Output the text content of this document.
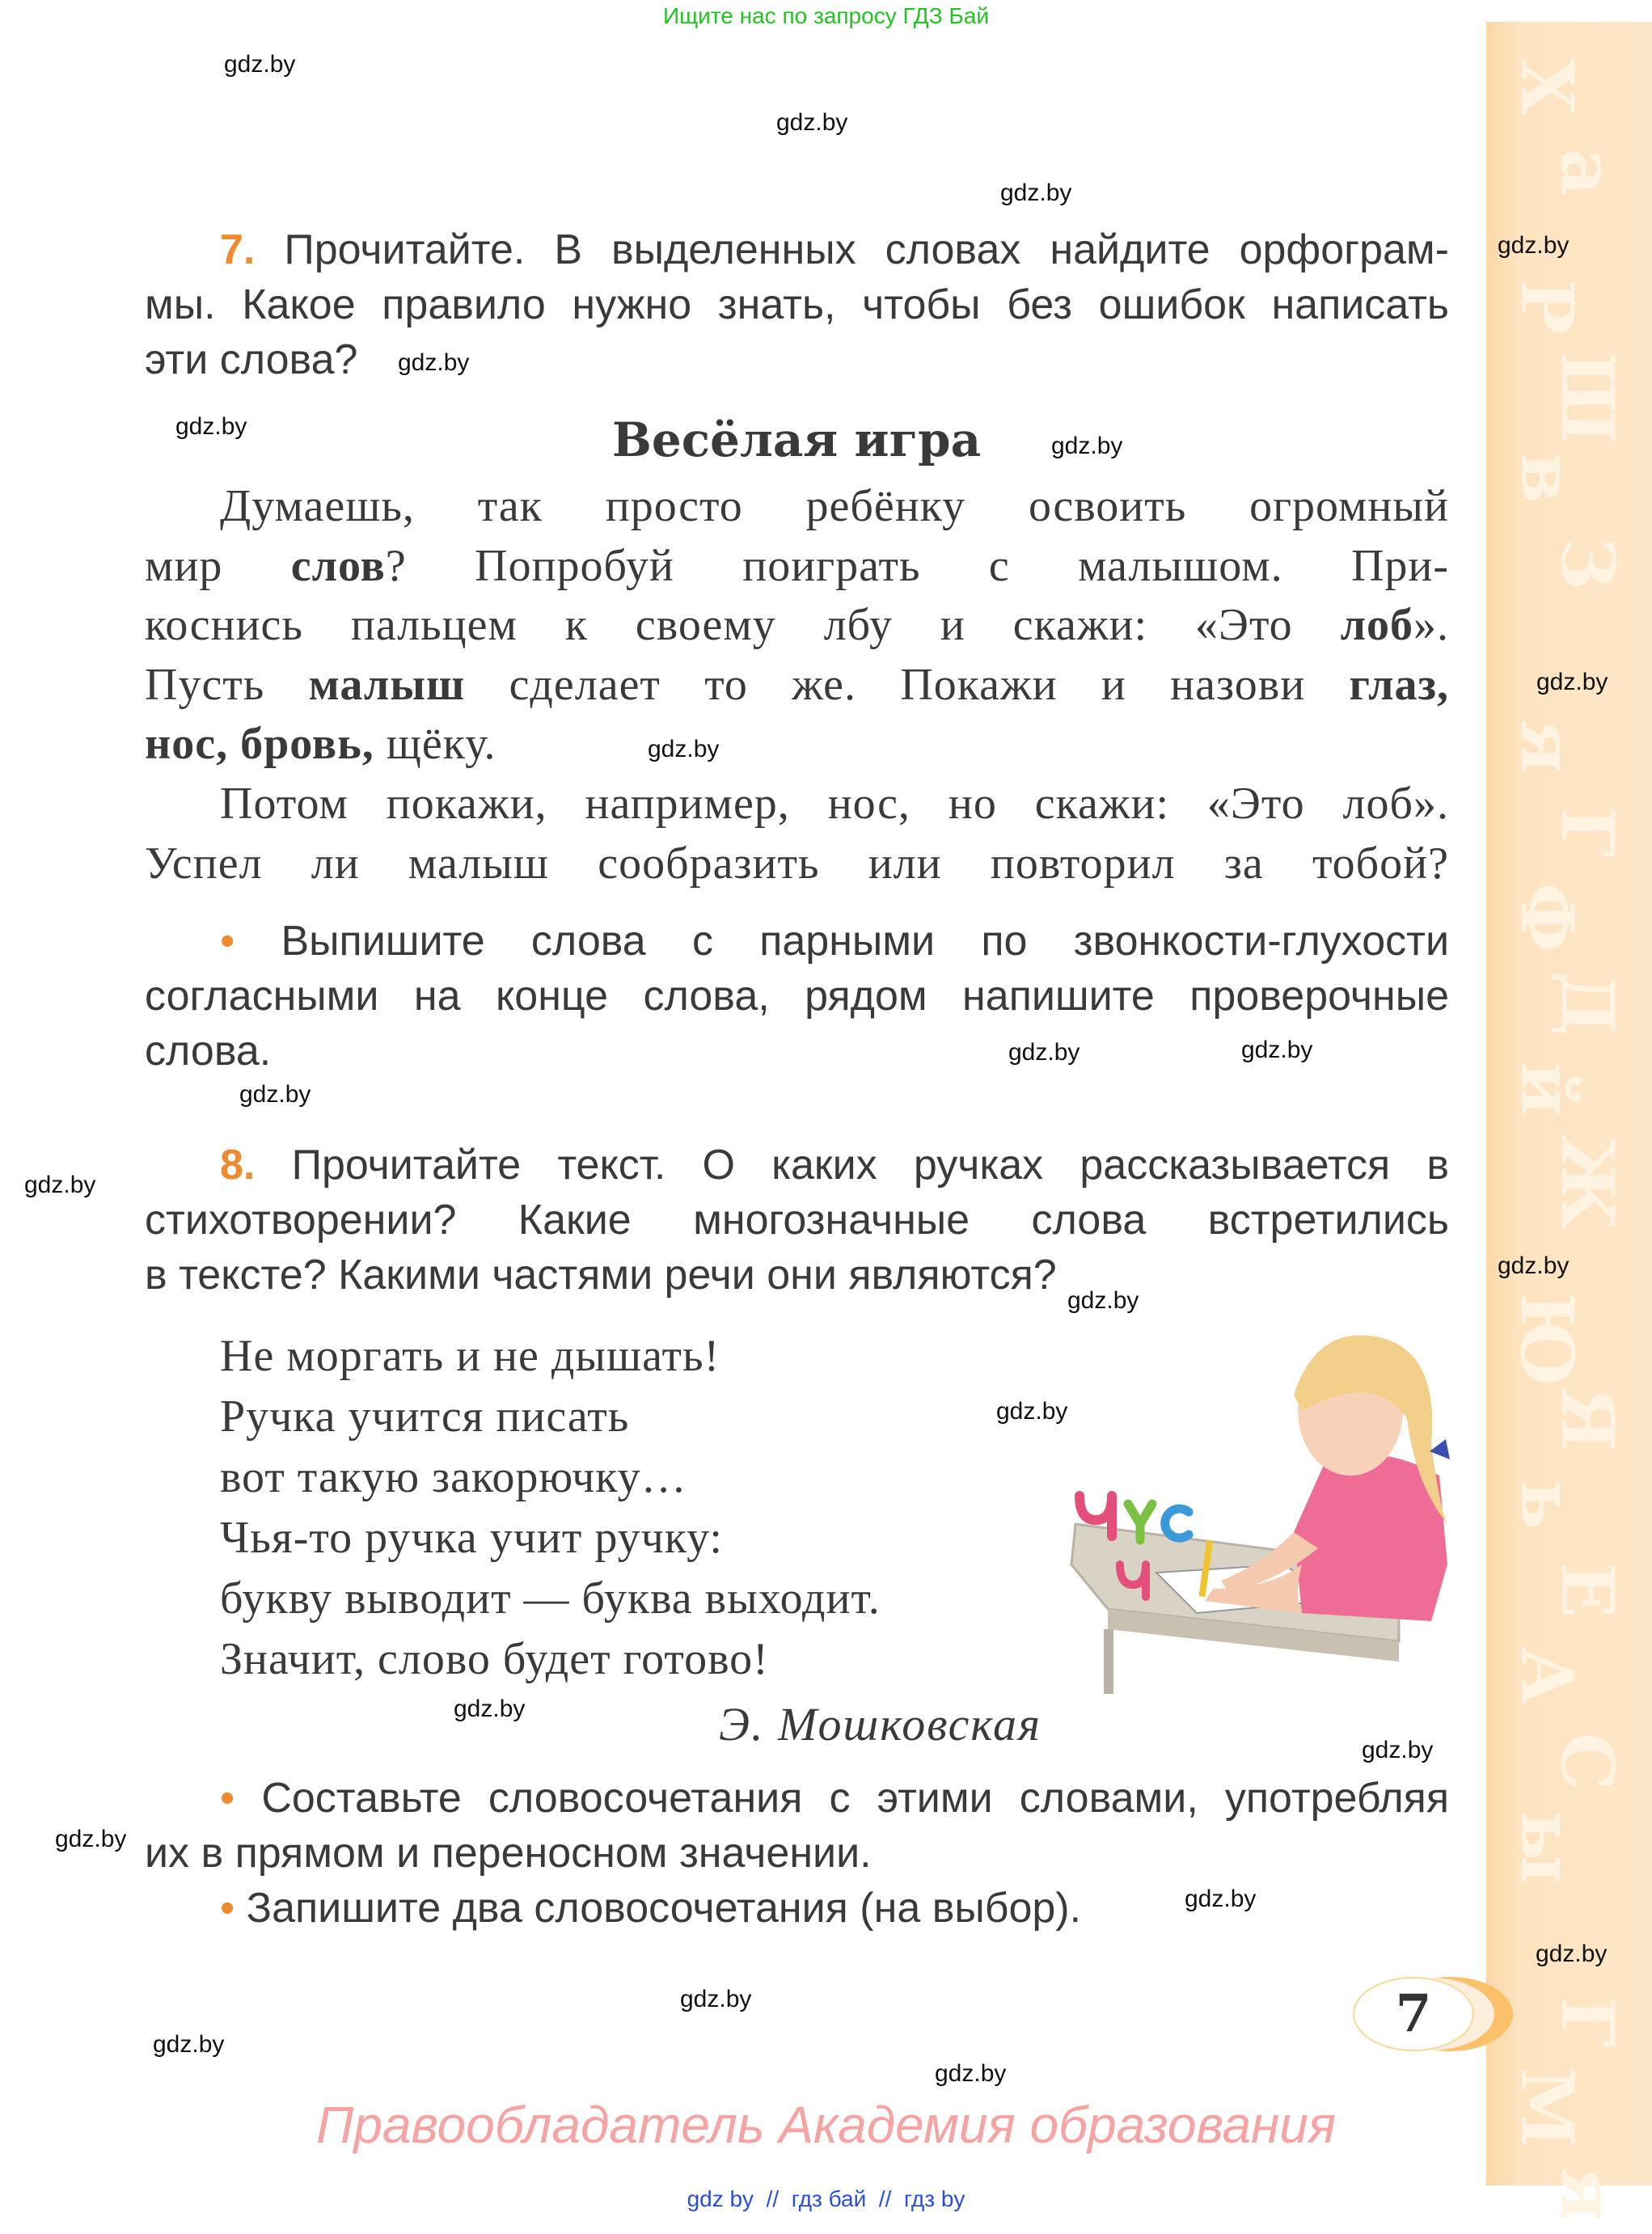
Ищите нас по запросу ГДЗ Бай
Х
а
Р
Ш
в
З
я
Г
Ф
Д
й
Ж
Ю
Я
ь
Е
А
С
ы
Г
М
я
7. Прочитайте. В выделенных словах найдите орфограм-
мы. Какое правило нужно знать, чтобы без ошибок написать
эти слова?
Весёлая игра
Думаешь, так просто ребёнку освоить огромный
мир слов? Попробуй поиграть с малышом. При-
коснись пальцем к своему лбу и скажи: «Это лоб».
Пусть малыш сделает то же. Покажи и назови глаз,
нос, бровь, щёку.
Потом покажи, например, нос, но скажи: «Это лоб».
Успел ли малыш сообразить или повторил за тобой?
• Выпишите слова с парными по звонкости-глухости
согласными на конце слова, рядом напишите проверочные
слова.
8. Прочитайте текст. О каких ручках рассказывается в
стихотворении? Какие многозначные слова встретились
в тексте? Какими частями речи они являются?
Не моргать и не дышать!
Ручка учится писать
вот такую закорючку…
Чья-то ручка учит ручку:
букву выводит — буква выходит.
Значит, слово будет готово!
Э. Мошковская
• Составьте словосочетания с этими словами, употребляя
их в прямом и переносном значении.
• Запишите два словосочетания (на выбор).
7
Правообладатель Академия образования
gdz by  //  гдз бай  //  гдз by
gdz.by
gdz.by
gdz.by
gdz.by
gdz.by
gdz.by
gdz.by
gdz.by
gdz.by
gdz.by
gdz.by
gdz.by
gdz.by
gdz.by
gdz.by
gdz.by
gdz.by
gdz.by
gdz.by
gdz.by
gdz.by
gdz.by
gdz.by
gdz.by
